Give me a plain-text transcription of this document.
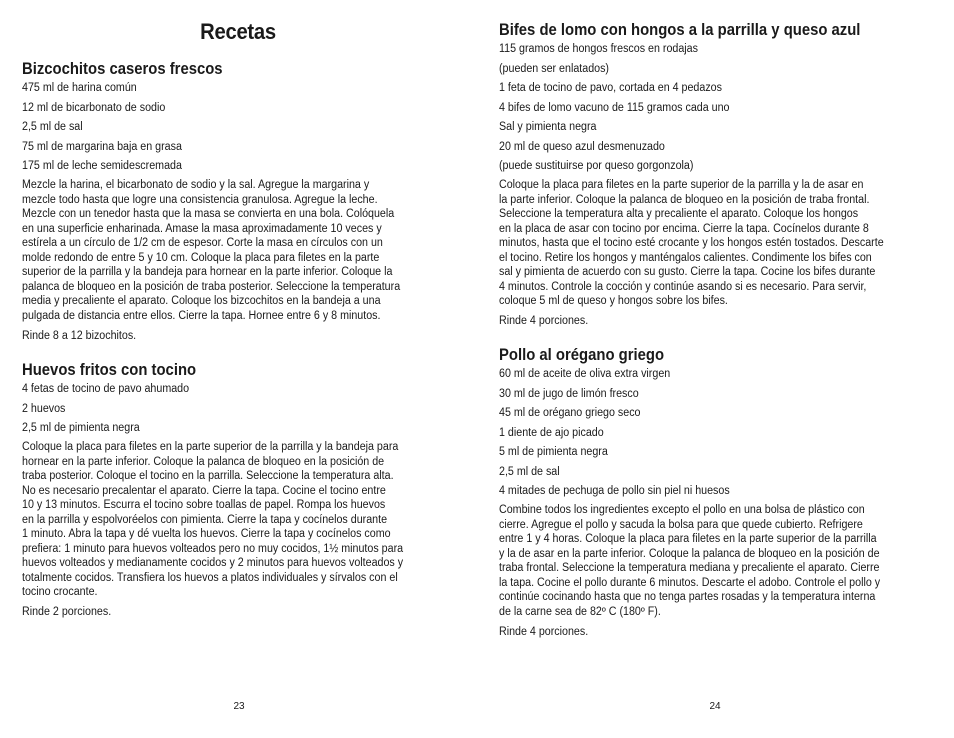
Recetas
Bizcochitos caseros frescos
475 ml de harina común
12 ml de bicarbonato de sodio
2,5 ml de sal
75 ml de margarina baja en grasa
175 ml de leche semidescremada
Mezcle la harina, el bicarbonato de sodio y la sal. Agregue la margarina y
mezcle todo hasta que logre una consistencia granulosa. Agregue la leche.
Mezcle con un tenedor hasta que la masa se convierta en una bola. Colóquela
en una superficie enharinada. Amase la masa aproximadamente 10 veces y
estírela a un círculo de 1/2 cm de espesor. Corte la masa en círculos con un
molde redondo de entre 5 y 10 cm. Coloque la placa para filetes en la parte
superior de la parrilla y la bandeja para hornear en la parte inferior. Coloque la
palanca de bloqueo en la posición de traba posterior. Seleccione la temperatura
media y precaliente el aparato. Coloque los bizcochitos en la bandeja a una
pulgada de distancia entre ellos. Cierre la tapa. Hornee entre 6 y 8 minutos.
Rinde 8 a 12 bizochitos.
Huevos fritos con tocino
4 fetas de tocino de pavo ahumado
2 huevos
2,5 ml de pimienta negra
Coloque la placa para filetes en la parte superior de la parrilla y la bandeja para
hornear en la parte inferior. Coloque la palanca de bloqueo en la posición de
traba posterior. Coloque el tocino en la parrilla. Seleccione la temperatura alta.
No es necesario precalentar el aparato. Cierre la tapa. Cocine el tocino entre
10 y 13 minutos. Escurra el tocino sobre toallas de papel. Rompa los huevos
en la parrilla y espolvoréelos con pimienta. Cierre la tapa y cocínelos durante
1 minuto. Abra la tapa y dé vuelta los huevos. Cierre la tapa y cocínelos como
prefiera: 1 minuto para huevos volteados pero no muy cocidos, 1½ minutos para
huevos volteados y medianamente cocidos y 2 minutos para huevos volteados y
totalmente cocidos. Transfiera los huevos a platos individuales y sírvalos con el
tocino crocante.
Rinde 2 porciones.
23
Bifes de lomo con hongos a la parrilla y queso azul
115 gramos de hongos frescos en rodajas
(pueden ser enlatados)
1 feta de tocino de pavo, cortada en 4 pedazos
4 bifes de lomo vacuno de 115 gramos cada uno
Sal y pimienta negra
20 ml de queso azul desmenuzado
(puede sustituirse por queso gorgonzola)
Coloque la placa para filetes en la parte superior de la parrilla y la de asar en
la parte inferior. Coloque la palanca de bloqueo en la posición de traba frontal.
Seleccione la temperatura alta y precaliente el aparato. Coloque los hongos
en la placa de asar con tocino por encima. Cierre la tapa. Cocínelos durante 8
minutos, hasta que el tocino esté crocante y los hongos estén tostados. Descarte
el tocino. Retire los hongos y manténgalos calientes. Condimente los bifes con
sal y pimienta de acuerdo con su gusto. Cierre la tapa. Cocine los bifes durante
4 minutos. Controle la cocción y continúe asando si es necesario. Para servir,
coloque 5 ml de queso y hongos sobre los bifes.
Rinde 4 porciones.
Pollo al orégano griego
60 ml de aceite de oliva extra virgen
30 ml de jugo de limón fresco
45 ml de orégano griego seco
1 diente de ajo picado
5 ml de pimienta negra
2,5 ml de sal
4 mitades de pechuga de pollo sin piel ni huesos
Combine todos los ingredientes excepto el pollo en una bolsa de plástico con
cierre. Agregue el pollo y sacuda la bolsa para que quede cubierto. Refrigere
entre 1 y 4 horas. Coloque la placa para filetes en la parte superior de la parrilla
y la de asar en la parte inferior. Coloque la palanca de bloqueo en la posición de
traba frontal. Seleccione la temperatura mediana y precaliente el aparato. Cierre
la tapa. Cocine el pollo durante 6 minutos. Descarte el adobo. Controle el pollo y
continúe cocinando hasta que no tenga partes rosadas y la temperatura interna
de la carne sea de 82º C (180º F).
Rinde 4 porciones.
24
